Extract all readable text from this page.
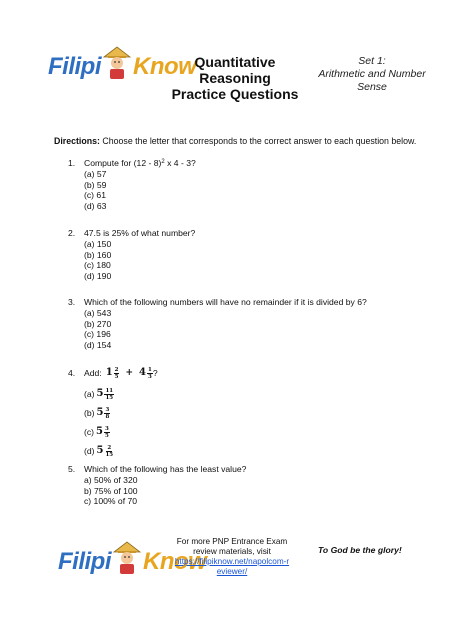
Filipi Know
Quantitative
Reasoning
Practice Questions
Set 1:
Arithmetic and Number
Sense
Directions: Choose the letter that corresponds to the correct answer to each question below.
1.	Compute for (12 - 8)$^2$ x 4 - 3?
(a) 57
(b) 59
(c) 61
(d) 63
2.	47.5 is 25% of what number?
(a) 150
(b) 160
(c) 180
(d) 190
3.	Which of the following numbers will have no remainder if it is divided by 6?
(a) 543
(b) 270
(c) 196
(d) 154
4.	Add: 1 2
5 + 4 1
3 ?
(a) 5 11
15
(b) 5 3
8
(c) 5 3
5
(d) 5 2
15
5.	Which of the following has the least value?
a) 50% of 320
b) 75% of 100
c) 100% of 70
Filipi Know
For more PNP Entrance Exam
review materials, visit
https://filipiknow.net/napolcom-r
eviewer/
To God be the glory!
